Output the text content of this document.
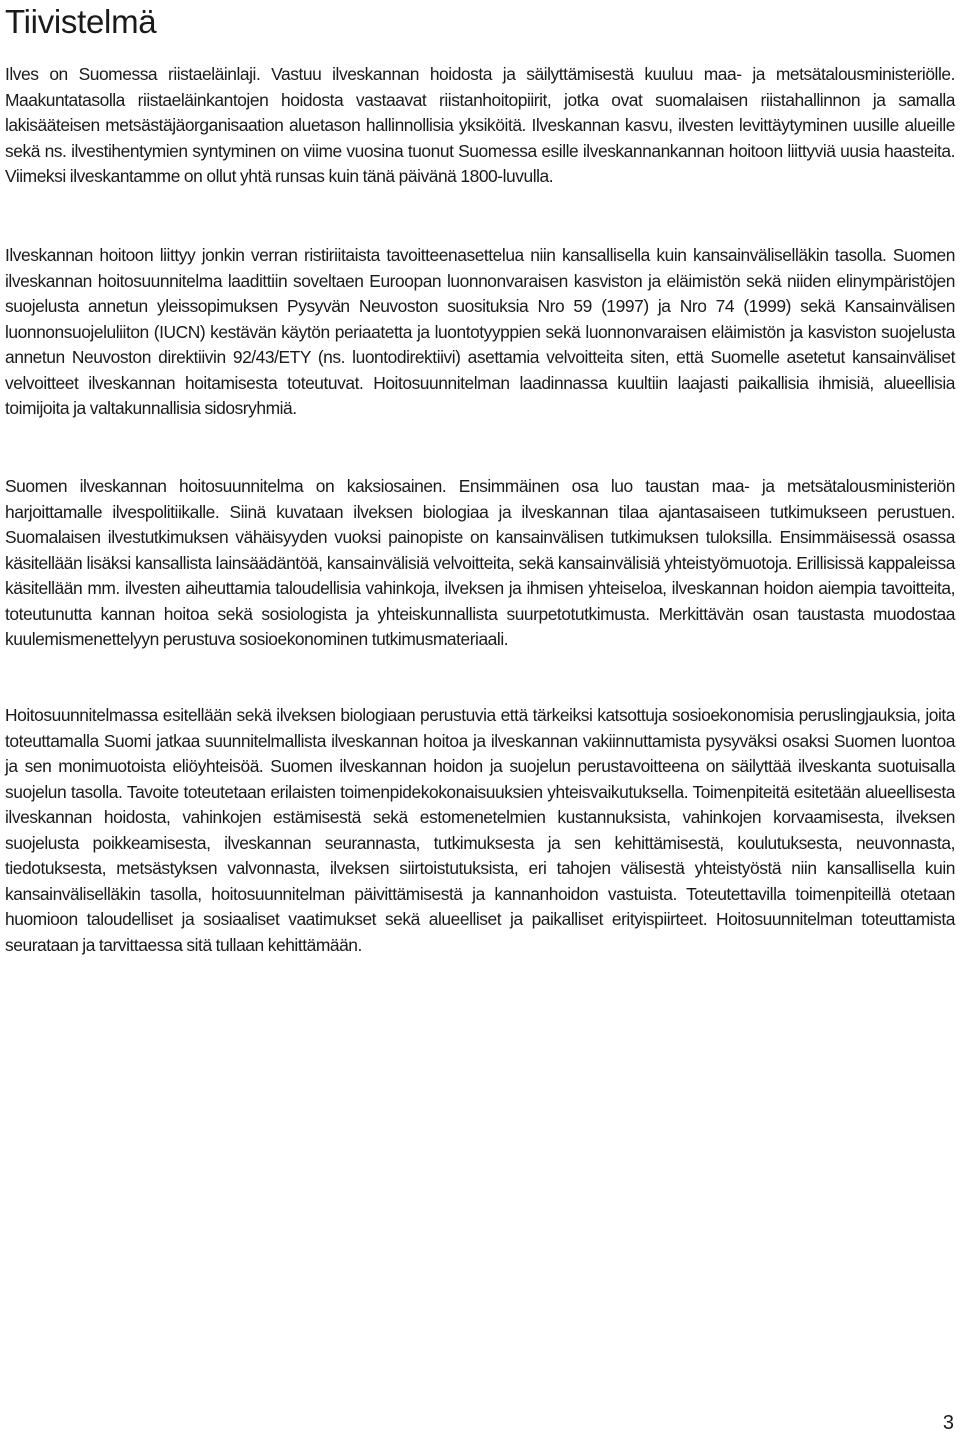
Tiivistelmä

Ilves on Suomessa riistaeläinlaji. Vastuu ilveskannan hoidosta ja säilyttämisestä kuuluu maa- ja metsätalousministeriölle. Maakuntatasolla riistaeläinkantojen hoidosta vastaavat riistanhoitopiirit, jotka ovat suomalaisen riistahallinnon ja samalla lakisääteisen metsästäjäorganisaation aluetason hallinnollisia yksiköitä. Ilveskannan kasvu, ilvesten levittäytyminen uusille alueille sekä ns. ilvestihentymien syntyminen on viime vuosina tuonut Suomessa esille ilveskannankannan hoitoon liittyviä uusia haasteita. Viimeksi ilveskantamme on ollut yhtä runsas kuin tänä päivänä 1800-luvulla.

Ilveskannan hoitoon liittyy jonkin verran ristiriitaista tavoitteenasettelua niin kansallisella kuin kansainväliselläkin tasolla. Suomen ilveskannan hoitosuunnitelma laadittiin soveltaen Euroopan luonnonvaraisen kasviston ja eläimistön sekä niiden elinympäristöjen suojelusta annetun yleissopimuksen Pysyvän Neuvoston suosituksia Nro 59 (1997) ja Nro 74 (1999) sekä Kansainvälisen luonnonsuojeluliiton (IUCN) kestävän käytön periaatetta ja luontotyyppien sekä luonnonvaraisen eläimistön ja kasviston suojelusta annetun Neuvoston direktiivin 92/43/ETY (ns. luontodirektiivi) asettamia velvoitteita siten, että Suomelle asetetut kansainväliset velvoitteet ilveskannan hoitamisesta toteutuvat. Hoitosuunnitelman laadinnassa kuultiin laajasti paikallisia ihmisiä, alueellisia toimijoita ja valtakunnallisia sidosryhmiä.

Suomen ilveskannan hoitosuunnitelma on kaksiosainen. Ensimmäinen osa luo taustan maa- ja metsätalousministeriön harjoittamalle ilvespolitiikalle. Siinä kuvataan ilveksen biologiaa ja ilveskannan tilaa ajantasaiseen tutkimukseen perustuen. Suomalaisen ilvestutkimuksen vähäisyyden vuoksi painopiste on kansainvälisen tutkimuksen tuloksilla. Ensimmäisessä osassa käsitellään lisäksi kansallista lainsäädäntöä, kansainvälisiä velvoitteita, sekä kansainvälisiä yhteistyömuotoja. Erillisissä kappaleissa käsitellään mm. ilvesten aiheuttamia taloudellisia vahinkoja, ilveksen ja ihmisen yhteiseloa, ilveskannan hoidon aiempia tavoitteita, toteutunutta kannan hoitoa sekä sosiologista ja yhteiskunnallista suurpetotutkimusta. Merkittävän osan taustasta muodostaa kuulemismenettelyyn perustuva sosioekonominen tutkimusmateriaali.

Hoitosuunnitelmassa esitellään sekä ilveksen biologiaan perustuvia että tärkeiksi katsottuja sosioekonomisia peruslingjauksia, joita toteuttamalla Suomi jatkaa suunnitelmallista ilveskannan hoitoa ja ilveskannan vakiinnuttamista pysyväksi osaksi Suomen luontoa ja sen monimuotoista eliöyhteisöä. Suomen ilveskannan hoidon ja suojelun perustavoitteena on säilyttää ilveskanta suotuisalla suojelun tasolla. Tavoite toteutetaan erilaisten toimenpidekokonaisuuksien yhteisvaikutuksella. Toimenpiteitä esitetään alueellisesta ilveskannan hoidosta, vahinkojen estämisestä sekä estomenetelmien kustannuksista, vahinkojen korvaamisesta, ilveksen suojelusta poikkeamisesta, ilveskannan seurannasta, tutkimuksesta ja sen kehittämisestä, koulutuksesta, neuvonnasta, tiedotuksesta, metsästyksen valvonnasta, ilveksen siirtoistutuksista, eri tahojen välisestä yhteistyöstä niin kansallisella kuin kansainväliselläkin tasolla, hoitosuunnitelman päivittämisestä ja kannanhoidon vastuista. Toteutettavilla toimenpiteillä otetaan huomioon taloudelliset ja sosiaaliset vaatimukset sekä alueelliset ja paikalliset erityispiirteet. Hoitosuunnitelman toteuttamista seurataan ja tarvittaessa sitä tullaan kehittämään.

3
